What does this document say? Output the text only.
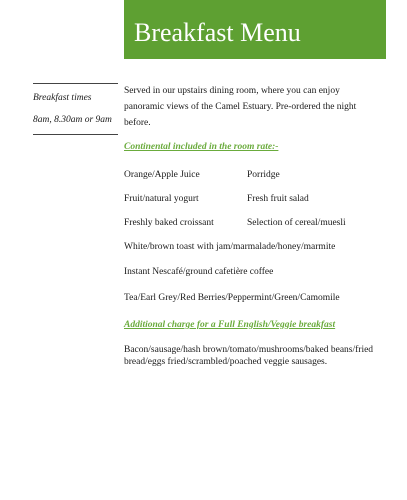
Breakfast Menu
Breakfast times
8am, 8.30am or 9am
Served in our upstairs dining room, where you can enjoy panoramic views of the Camel Estuary. Pre-ordered the night before.
Continental included in the room rate:-
Orange/Apple Juice	Porridge
Fruit/natural yogurt	Fresh fruit salad
Freshly baked croissant	Selection of cereal/muesli
White/brown toast with jam/marmalade/honey/marmite
Instant Nescafé/ground cafetière coffee
Tea/Earl Grey/Red Berries/Peppermint/Green/Camomile
Additional charge for a Full English/Veggie breakfast
Bacon/sausage/hash brown/tomato/mushrooms/baked beans/fried bread/eggs fried/scrambled/poached veggie sausages.
